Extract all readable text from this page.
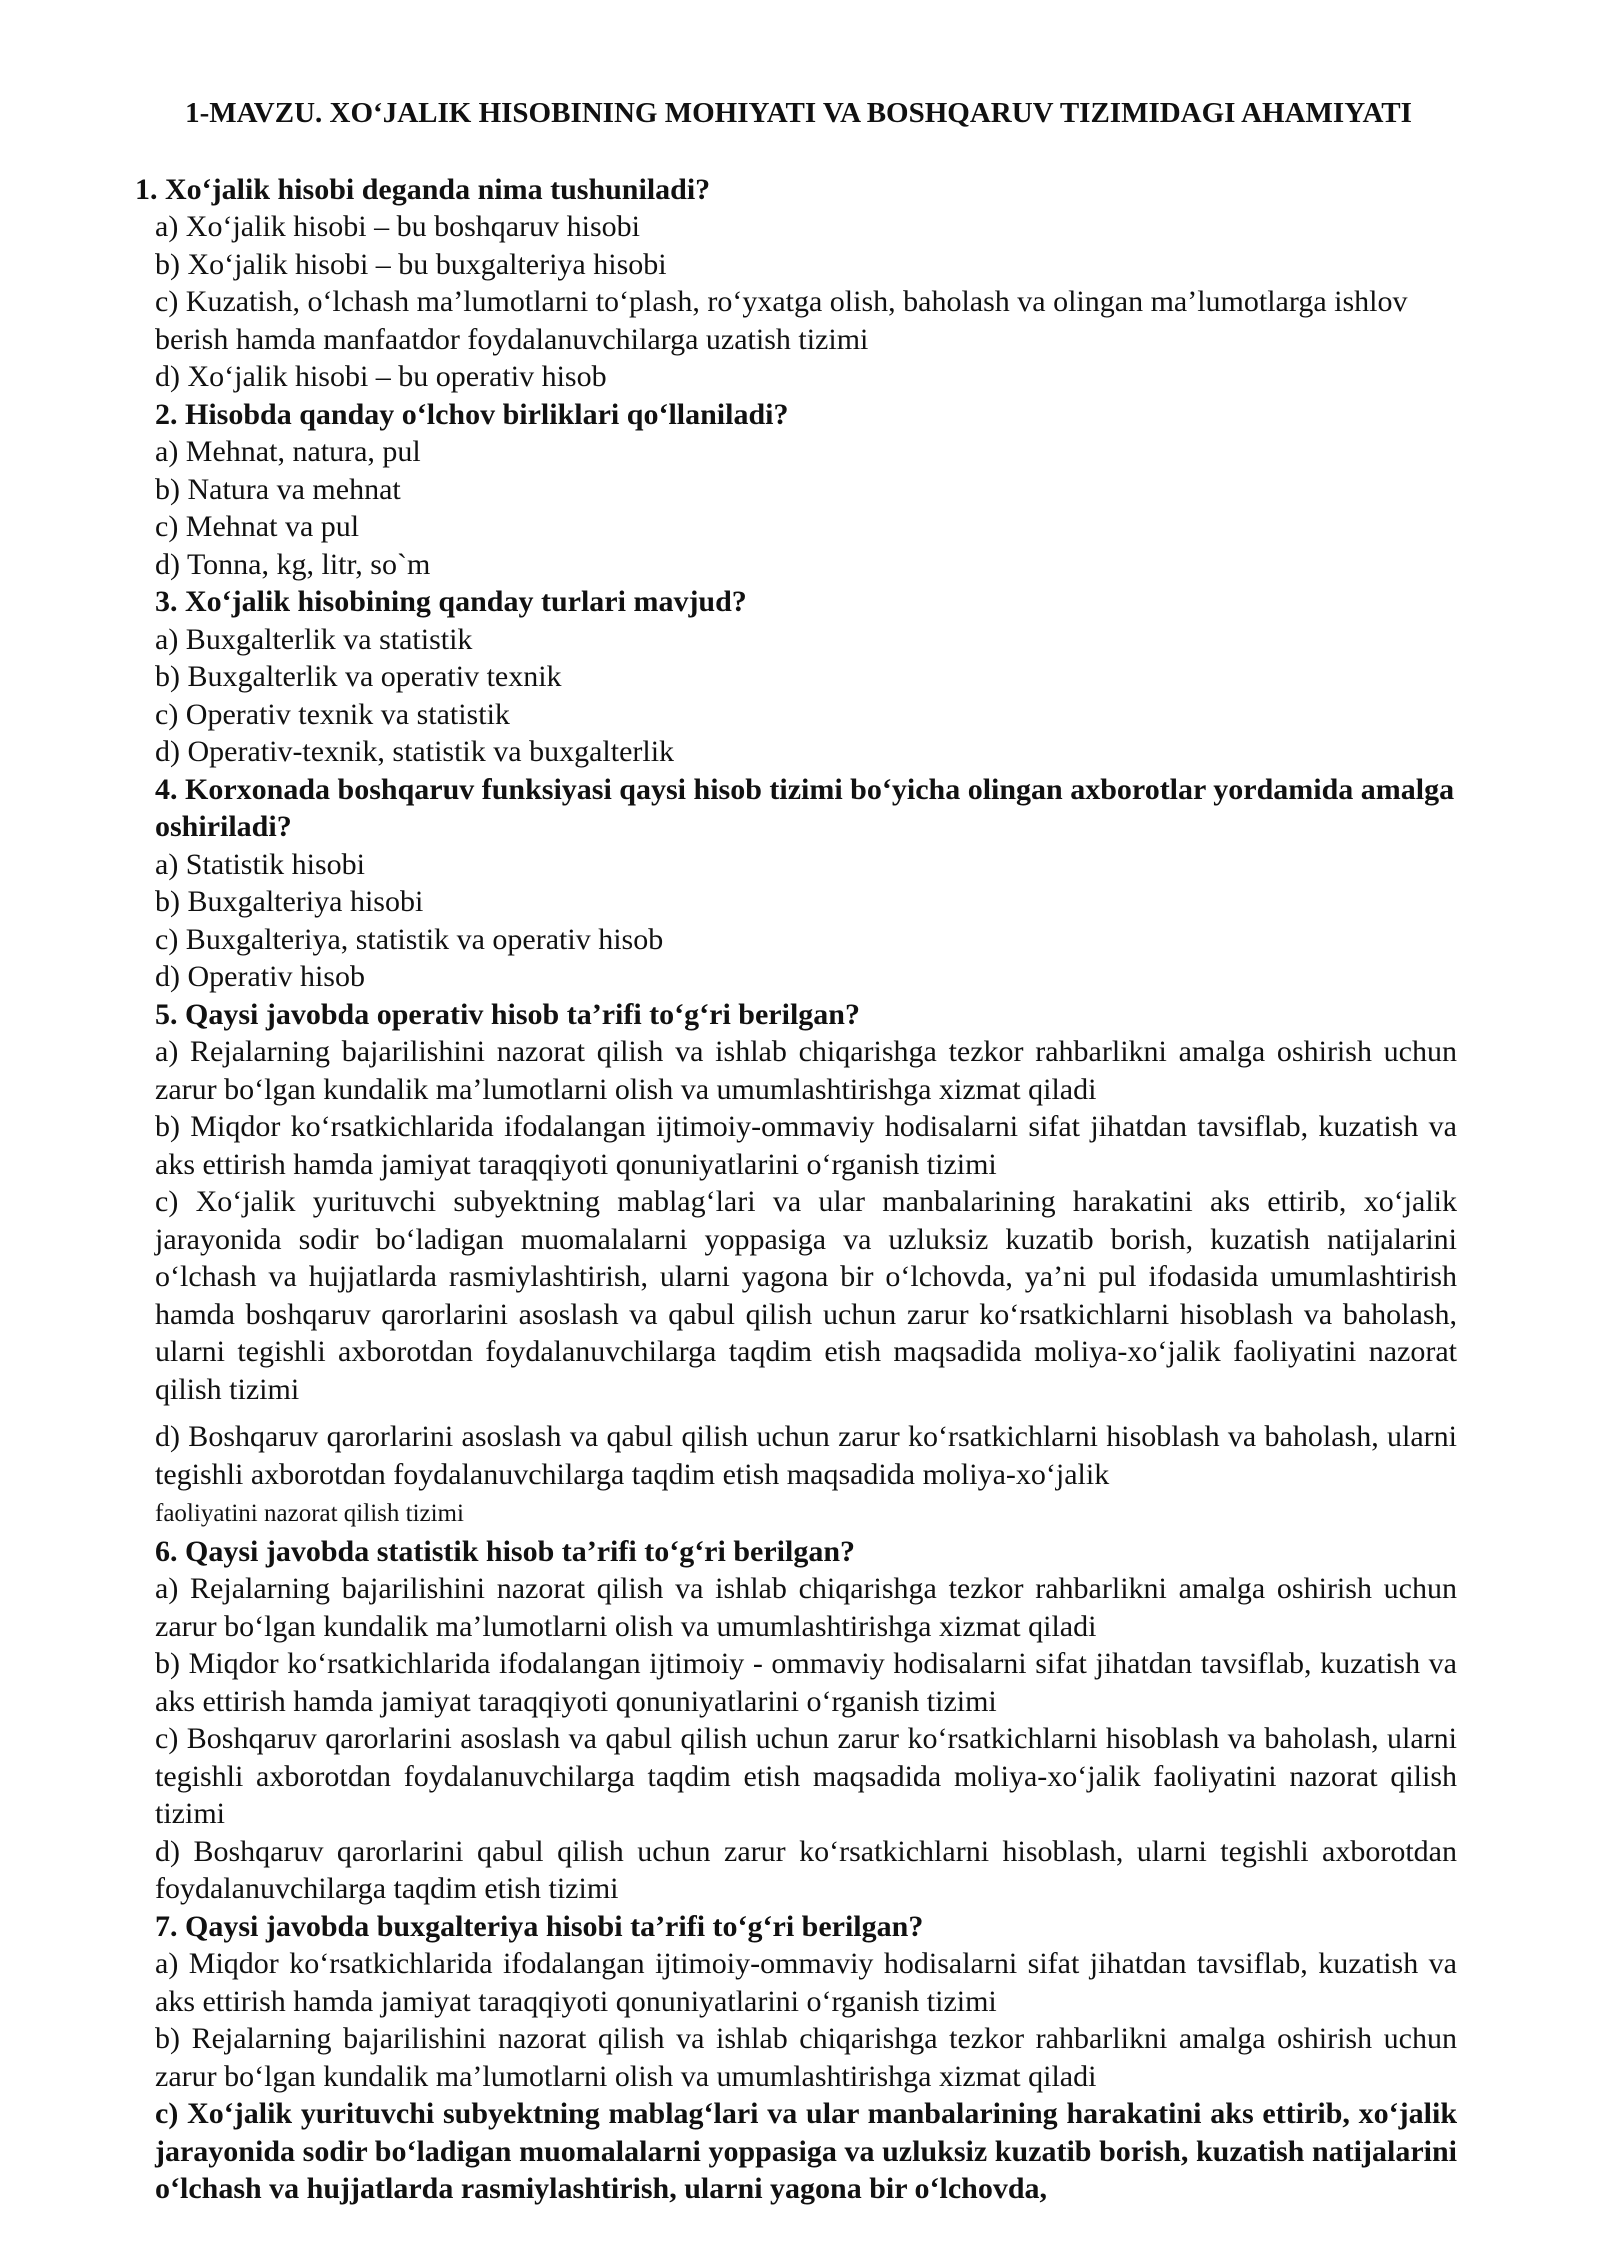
1-MAVZU. XO‘JALIK HISOBINING MOHIYATI VA BOSHQARUV TIZIMIDAGI AHAMIYATI

1. Xo‘jalik hisobi deganda nima tushuniladi?

a) Xo‘jalik hisobi – bu boshqaruv hisobi

b) Xo‘jalik hisobi – bu buxgalteriya hisobi

c) Kuzatish, o‘lchash ma’lumotlarni to‘plash, ro‘yxatga olish, baholash va olingan ma’lumotlarga ishlov berish hamda manfaatdor foydalanuvchilarga uzatish tizimi

d) Xo‘jalik hisobi – bu operativ hisob

2. Hisobda qanday o‘lchov birliklari qo‘llaniladi?

a) Mehnat, natura, pul

b) Natura va mehnat

c) Mehnat va pul

d) Tonna, kg, litr, so`m

3. Xo‘jalik hisobining qanday turlari mavjud?

a) Buxgalterlik va statistik

b) Buxgalterlik va operativ texnik

c) Operativ texnik va statistik

d) Operativ-texnik, statistik va buxgalterlik

4. Korxonada boshqaruv funksiyasi qaysi hisob tizimi bo‘yicha olingan axborotlar yordamida amalga oshiriladi?

a) Statistik hisobi

b) Buxgalteriya hisobi

c) Buxgalteriya, statistik va operativ hisob

d) Operativ hisob

5. Qaysi javobda operativ hisob ta’rifi to‘g‘ri berilgan?

a) Rejalarning bajarilishini nazorat qilish va ishlab chiqarishga tezkor rahbarlikni amalga oshirish uchun zarur bo‘lgan kundalik ma’lumotlarni olish va umumlashtirishga xizmat qiladi

b) Miqdor ko‘rsatkichlarida ifodalangan ijtimoiy-ommaviy hodisalarni sifat jihatdan tavsiflab, kuzatish va aks ettirish hamda jamiyat taraqqiyoti qonuniyatlarini o‘rganish tizimi

c) Xo‘jalik yurituvchi subyektning mablag‘lari va ular manbalarining harakatini aks ettirib, xo‘jalik jarayonida sodir bo‘ladigan muomalalarni yoppasiga va uzluksiz kuzatib borish, kuzatish natijalarini o‘lchash va hujjatlarda rasmiylashtirish, ularni yagona bir o‘lchovda, ya’ni pul ifodasida umumlashtirish hamda boshqaruv qarorlarini asoslash va qabul qilish uchun zarur ko‘rsatkichlarni hisoblash va baholash, ularni tegishli axborotdan foydalanuvchilarga taqdim etish maqsadida moliya-xo‘jalik faoliyatini nazorat qilish tizimi

d) Boshqaruv qarorlarini asoslash va qabul qilish uchun zarur ko‘rsatkichlarni hisoblash va baholash, ularni tegishli axborotdan foydalanuvchilarga taqdim etish maqsadida moliya-xo‘jalik
faoliyatini nazorat qilish tizimi

6. Qaysi javobda statistik hisob ta’rifi to‘g‘ri berilgan?

a) Rejalarning bajarilishini nazorat qilish va ishlab chiqarishga tezkor rahbarlikni amalga oshirish uchun zarur bo‘lgan kundalik ma’lumotlarni olish va umumlashtirishga xizmat qiladi

b) Miqdor ko‘rsatkichlarida ifodalangan ijtimoiy - ommaviy hodisalarni sifat jihatdan tavsiflab, kuzatish va aks ettirish hamda jamiyat taraqqiyoti qonuniyatlarini o‘rganish tizimi

c) Boshqaruv qarorlarini asoslash va qabul qilish uchun zarur ko‘rsatkichlarni hisoblash va baholash, ularni tegishli axborotdan foydalanuvchilarga taqdim etish maqsadida moliya-xo‘jalik faoliyatini nazorat qilish tizimi

d) Boshqaruv qarorlarini qabul qilish uchun zarur ko‘rsatkichlarni hisoblash, ularni tegishli axborotdan foydalanuvchilarga taqdim etish tizimi

7. Qaysi javobda buxgalteriya hisobi ta’rifi to‘g‘ri berilgan?

a) Miqdor ko‘rsatkichlarida ifodalangan ijtimoiy-ommaviy hodisalarni sifat jihatdan tavsiflab, kuzatish va aks ettirish hamda jamiyat taraqqiyoti qonuniyatlarini o‘rganish tizimi

b) Rejalarning bajarilishini nazorat qilish va ishlab chiqarishga tezkor rahbarlikni amalga oshirish uchun zarur bo‘lgan kundalik ma’lumotlarni olish va umumlashtirishga xizmat qiladi

c) Xo‘jalik yurituvchi subyektning mablag‘lari va ular manbalarining harakatini aks ettirib, xo‘jalik jarayonida sodir bo‘ladigan muomalalarni yoppasiga va uzluksiz kuzatib borish, kuzatish natijalarini o‘lchash va hujjatlarda rasmiylashtirish, ularni yagona bir o‘lchovda,
